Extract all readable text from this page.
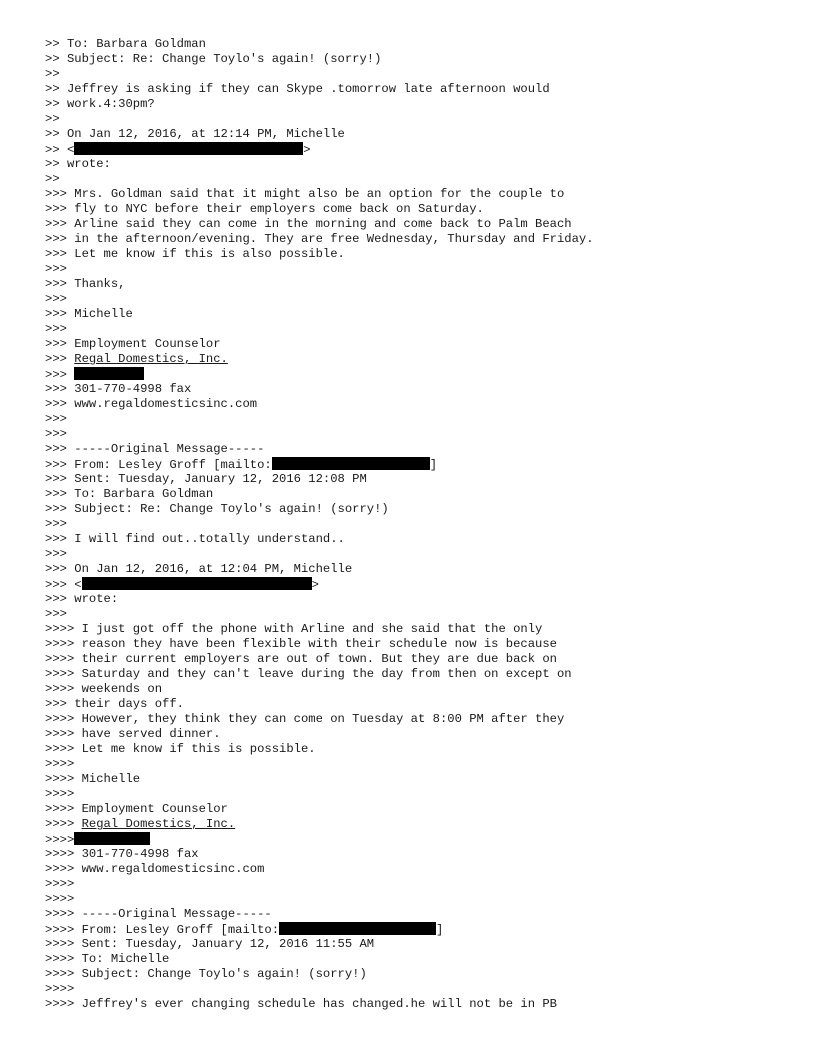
>> To: Barbara Goldman
>> Subject: Re: Change Toylo's again! (sorry!)
>>
>> Jeffrey is asking if they can Skype .tomorrow late afternoon would
>> work.4:30pm?
>>
>> On Jan 12, 2016, at 12:14 PM, Michelle
>> <	>
>> wrote:
>>
>>> Mrs. Goldman said that it might also be an option for the couple to
>>> fly to NYC before their employers come back on Saturday.
>>> Arline said they can come in the morning and come back to Palm Beach
>>> in the afternoon/evening. They are free Wednesday, Thursday and Friday.
>>> Let me know if this is also possible.
>>>
>>> Thanks,
>>>
>>> Michelle
>>>
>>> Employment Counselor
>>> Regal Domestics, Inc.
>>>
>>> 301-770-4998 fax
>>> www.regaldomesticsinc.com
>>>
>>>
>>> -----Original Message-----
>>> From: Lesley Groff [mailto:	]
>>> Sent: Tuesday, January 12, 2016 12:08 PM
>>> To: Barbara Goldman
>>> Subject: Re: Change Toylo's again! (sorry!)
>>>
>>> I will find out..totally understand..
>>>
>>> On Jan 12, 2016, at 12:04 PM, Michelle
>>> <	>
>>> wrote:
>>>
>>>> I just got off the phone with Arline and she said that the only
>>>> reason they have been flexible with their schedule now is because
>>>> their current employers are out of town. But they are due back on
>>>> Saturday and they can't leave during the day from then on except on
>>>> weekends on
>>> their days off.
>>>> However, they think they can come on Tuesday at 8:00 PM after they
>>>> have served dinner.
>>>> Let me know if this is possible.
>>>>
>>>> Michelle
>>>>
>>>> Employment Counselor
>>>> Regal Domestics, Inc.
>>>>
>>>> 301-770-4998 fax
>>>> www.regaldomesticsinc.com
>>>>
>>>>
>>>> -----Original Message-----
>>>> From: Lesley Groff [mailto:	]
>>>> Sent: Tuesday, January 12, 2016 11:55 AM
>>>> To: Michelle
>>>> Subject: Change Toylo's again! (sorry!)
>>>>
>>>> Jeffrey's ever changing schedule has changed.he will not be in PB
